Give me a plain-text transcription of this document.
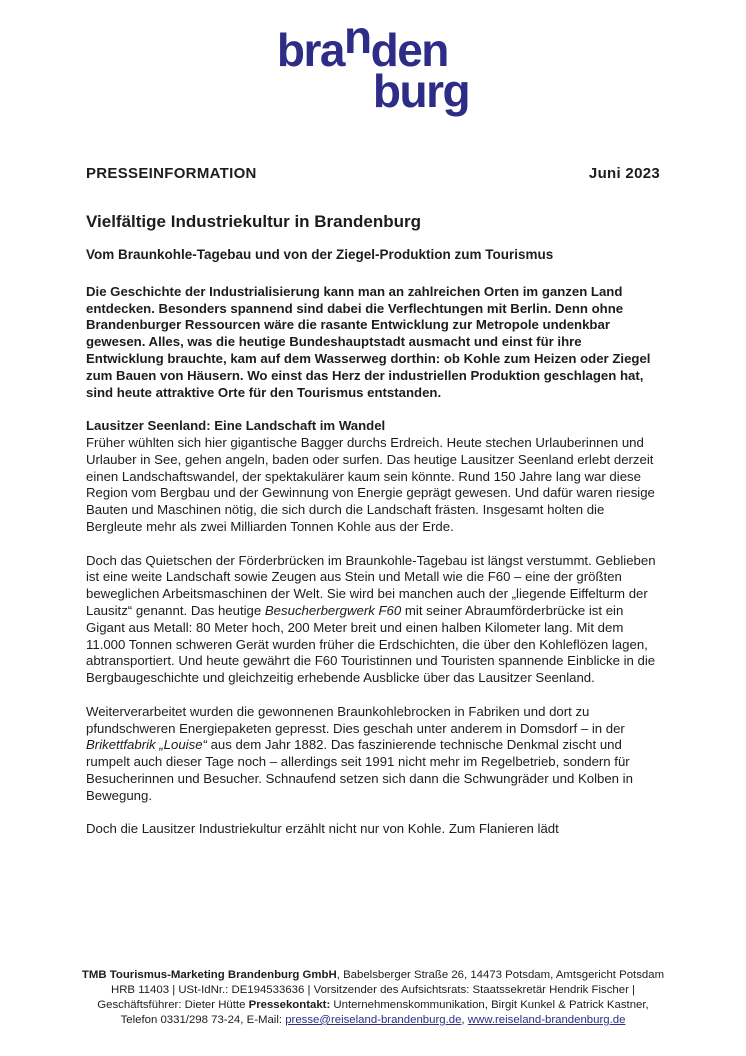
branden
burg
PRESSEINFORMATION	Juni 2023
Vielfältige Industriekultur in Brandenburg
Vom Braunkohle-Tagebau und von der Ziegel-Produktion zum Tourismus

Die Geschichte der Industrialisierung kann man an zahlreichen Orten im ganzen Land entdecken. Besonders spannend sind dabei die Verflechtungen mit Berlin. Denn ohne Brandenburger Ressourcen wäre die rasante Entwicklung zur Metropole undenkbar gewesen. Alles, was die heutige Bundeshauptstadt ausmacht und einst für ihre Entwicklung brauchte, kam auf dem Wasserweg dorthin: ob Kohle zum Heizen oder Ziegel zum Bauen von Häusern. Wo einst das Herz der industriellen Produktion geschlagen hat, sind heute attraktive Orte für den Tourismus entstanden.

Lausitzer Seenland: Eine Landschaft im Wandel

Früher wühlten sich hier gigantische Bagger durchs Erdreich. Heute stechen Urlauberinnen und Urlauber in See, gehen angeln, baden oder surfen. Das heutige Lausitzer Seenland erlebt derzeit einen Landschaftswandel, der spektakulärer kaum sein könnte. Rund 150 Jahre lang war diese Region vom Bergbau und der Gewinnung von Energie geprägt gewesen. Und dafür waren riesige Bauten und Maschinen nötig, die sich durch die Landschaft frästen. Insgesamt holten die Bergleute mehr als zwei Milliarden Tonnen Kohle aus der Erde.

Doch das Quietschen der Förderbrücken im Braunkohle-Tagebau ist längst verstummt. Geblieben ist eine weite Landschaft sowie Zeugen aus Stein und Metall wie die F60 – eine der größten beweglichen Arbeitsmaschinen der Welt. Sie wird bei manchen auch der „liegende Eiffelturm der Lausitz“ genannt. Das heutige Besucherbergwerk F60 mit seiner Abraumförderbrücke ist ein Gigant aus Metall: 80 Meter hoch, 200 Meter breit und einen halben Kilometer lang. Mit dem 11.000 Tonnen schweren Gerät wurden früher die Erdschichten, die über den Kohleflözen lagen, abtransportiert. Und heute gewährt die F60 Touristinnen und Touristen spannende Einblicke in die Bergbaugeschichte und gleichzeitig erhebende Ausblicke über das Lausitzer Seenland.

Weiterverarbeitet wurden die gewonnenen Braunkohlebrocken in Fabriken und dort zu pfundschweren Energiepaketen gepresst. Dies geschah unter anderem in Domsdorf – in der Brikettfabrik „Louise“ aus dem Jahr 1882. Das faszinierende technische Denkmal zischt und rumpelt auch dieser Tage noch – allerdings seit 1991 nicht mehr im Regelbetrieb, sondern für Besucherinnen und Besucher. Schnaufend setzen sich dann die Schwungräder und Kolben in Bewegung.

Doch die Lausitzer Industriekultur erzählt nicht nur von Kohle. Zum Flanieren lädt

TMB Tourismus-Marketing Brandenburg GmbH, Babelsberger Straße 26, 14473 Potsdam, Amtsgericht Potsdam HRB 11403 | USt-IdNr.: DE194533636 | Vorsitzender des Aufsichtsrats: Staatssekretär Hendrik Fischer | Geschäftsführer: Dieter Hütte Pressekontakt: Unternehmenskommunikation, Birgit Kunkel & Patrick Kastner, Telefon 0331/298 73-24, E-Mail: presse@reiseland-brandenburg.de, www.reiseland-brandenburg.de
